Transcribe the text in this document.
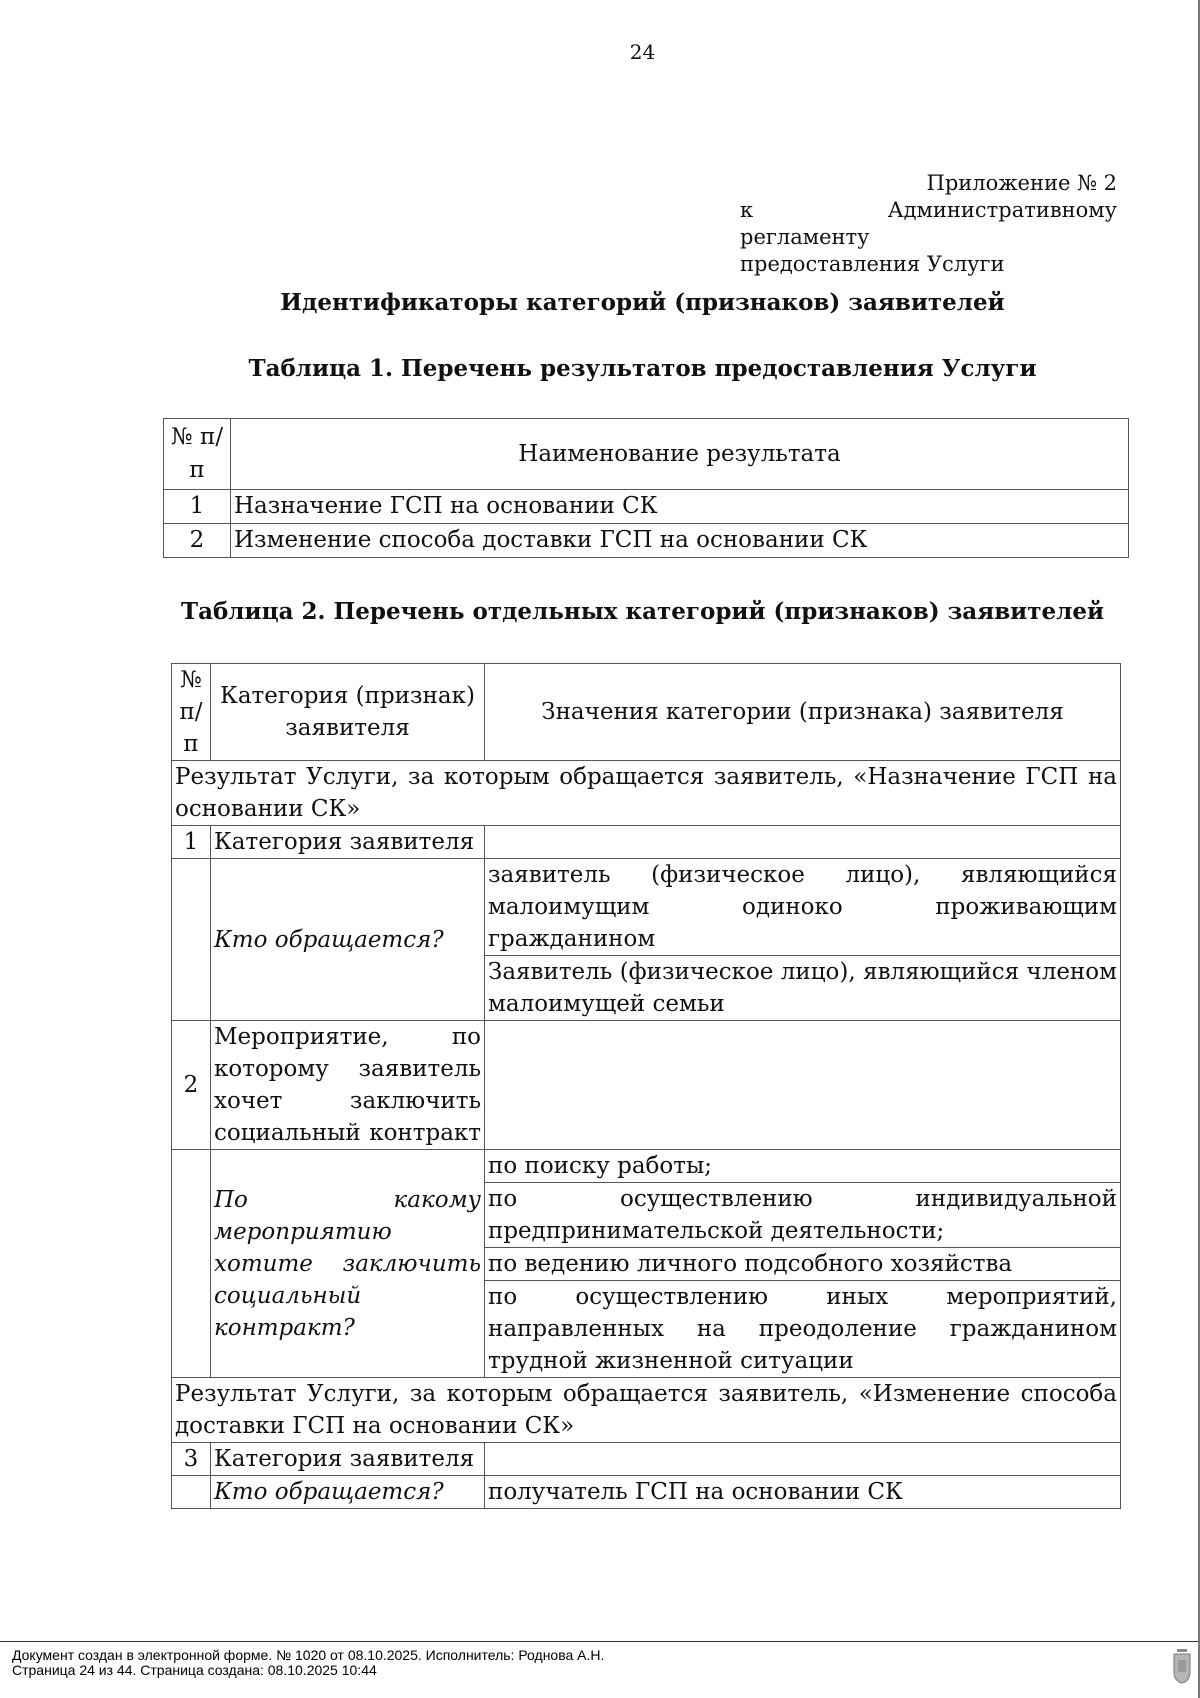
24
Приложение № 2
к Административному регламенту
предоставления Услуги
Идентификаторы категорий (признаков) заявителей
Таблица 1. Перечень результатов предоставления Услуги
№ п/п	Наименование результата
1	Назначение ГСП на основании СК
2	Изменение способа доставки ГСП на основании СК
Таблица 2. Перечень отдельных категорий (признаков) заявителей
№ п/п	Категория (признак) заявителя	Значения категории (признака) заявителя
Результат Услуги, за которым обращается заявитель, «Назначение ГСП на основании СК»		
1	Категория заявителя	
	Кто обращается?	заявитель (физическое лицо), являющийся малоимущим одиноко проживающим гражданином
		Заявитель (физическое лицо), являющийся членом малоимущей семьи
2	Мероприятие, по которому заявитель хочет заключить социальный контракт	
	По какому мероприятию хотите заключить социальный контракт?	по поиску работы;
		по осуществлению индивидуальной предпринимательской деятельности;
		по ведению личного подсобного хозяйства
		по осуществлению иных мероприятий, направленных на преодоление гражданином трудной жизненной ситуации
Результат Услуги, за которым обращается заявитель, «Изменение способа доставки ГСП на основании СК»		
3	Категория заявителя	
	Кто обращается?	получатель ГСП на основании СК
Документ создан в электронной форме. № 1020 от 08.10.2025. Исполнитель: Роднова А.Н.
Страница 24 из 44. Страница создана: 08.10.2025 10:44
